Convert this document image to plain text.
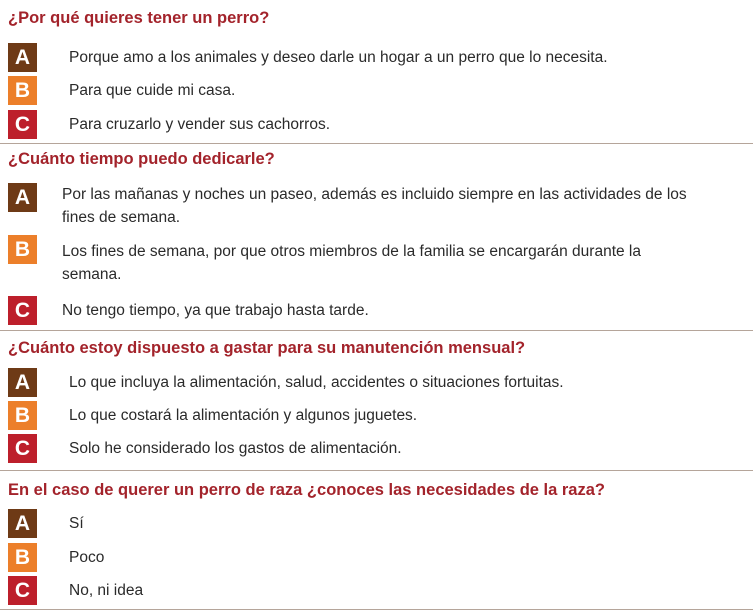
¿Por qué quieres tener un perro?
A	Porque amo a los animales y deseo darle un hogar a un perro que lo necesita.
B	Para que cuide mi casa.
C	Para cruzarlo y vender sus cachorros.
¿Cuánto tiempo puedo dedicarle?
A	Por las mañanas y noches un paseo, además es incluido siempre en las actividades de los fines de semana.
B	Los fines de semana, por que otros miembros de la familia se encargarán durante la semana.
C	No tengo tiempo, ya que trabajo hasta tarde.
¿Cuánto estoy dispuesto a gastar para su manutención mensual?
A	Lo que incluya la alimentación, salud, accidentes o situaciones fortuitas.
B	Lo que costará la alimentación y algunos juguetes.
C	Solo he considerado los gastos de alimentación.
En el caso de querer un perro de raza ¿conoces las necesidades de la raza?
A	Sí
B	Poco
C	No, ni idea
